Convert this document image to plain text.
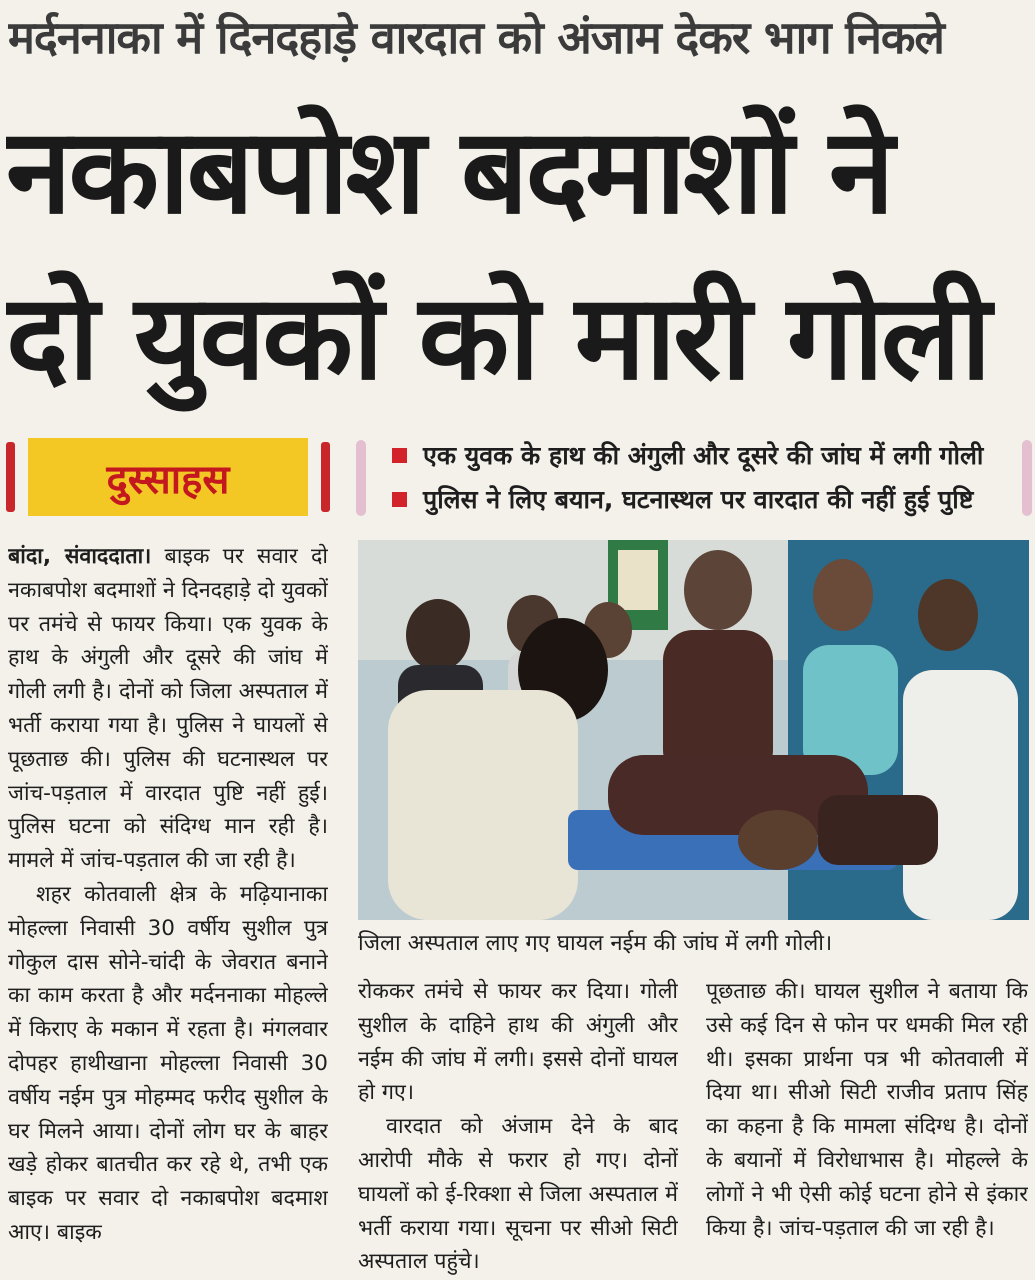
मर्दननाका में दिनदहाड़े वारदात को अंजाम देकर भाग निकले
नकाबपोश बदमाशों ने
दो युवकों को मारी गोली
दुस्साहस
एक युवक के हाथ की अंगुली और दूसरे की जांघ में लगी गोली
पुलिस ने लिए बयान, घटनास्थल पर वारदात की नहीं हुई पुष्टि

बांदा, संवाददाता। बाइक पर सवार दो नकाबपोश बदमाशों ने दिनदहाड़े दो युवकों पर तमंचे से फायर किया। एक युवक के हाथ के अंगुली और दूसरे की जांघ में गोली लगी है। दोनों को जिला अस्पताल में भर्ती कराया गया है। पुलिस ने घायलों से पूछताछ की। पुलिस की घटनास्थल पर जांच-पड़ताल में वारदात पुष्टि नहीं हुई। पुलिस घटना को संदिग्ध मान रही है। मामले में जांच-पड़ताल की जा रही है।

शहर कोतवाली क्षेत्र के मढ़ियानाका मोहल्ला निवासी 30 वर्षीय सुशील पुत्र गोकुल दास सोने-चांदी के जेवरात बनाने का काम करता है और मर्दननाका मोहल्ले में किराए के मकान में रहता है। मंगलवार दोपहर हाथीखाना मोहल्ला निवासी 30 वर्षीय नईम पुत्र मोहम्मद फरीद सुशील के घर मिलने आया। दोनों लोग घर के बाहर खड़े होकर बातचीत कर रहे थे, तभी एक बाइक पर सवार दो नकाबपोश बदमाश आए। बाइक

जिला अस्पताल लाए गए घायल नईम की जांघ में लगी गोली।

रोककर तमंचे से फायर कर दिया। गोली सुशील के दाहिने हाथ की अंगुली और नईम की जांघ में लगी। इससे दोनों घायल हो गए।

वारदात को अंजाम देने के बाद आरोपी मौके से फरार हो गए। दोनों घायलों को ई-रिक्शा से जिला अस्पताल में भर्ती कराया गया। सूचना पर सीओ सिटी अस्पताल पहुंचे।

पूछताछ की। घायल सुशील ने बताया कि उसे कई दिन से फोन पर धमकी मिल रही थी। इसका प्रार्थना पत्र भी कोतवाली में दिया था। सीओ सिटी राजीव प्रताप सिंह का कहना है कि मामला संदिग्ध है। दोनों के बयानों में विरोधाभास है। मोहल्ले के लोगों ने भी ऐसी कोई घटना होने से इंकार किया है। जांच-पड़ताल की जा रही है।
